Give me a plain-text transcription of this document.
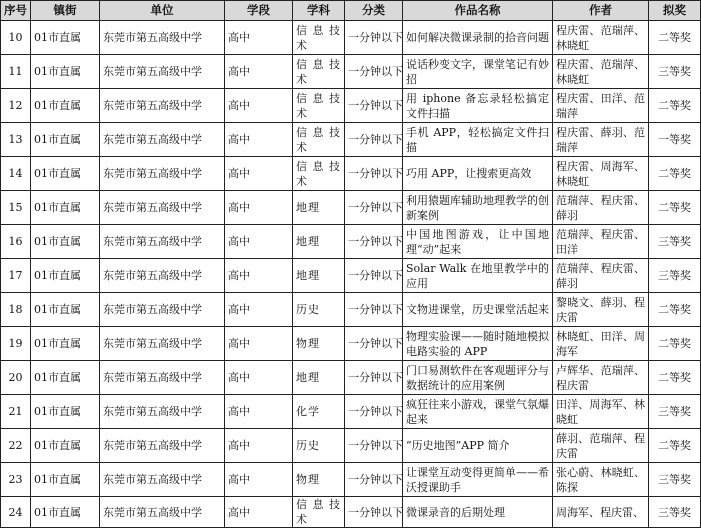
序号	镇街	单位	学段	学科	分类	作品名称	作者	拟奖
10	01市直属	东莞市第五高级中学	高中	信息技术	一分钟以下	如何解决微课录制的拾音问题	程庆雷、范瑞萍、林晓虹	二等奖
11	01市直属	东莞市第五高级中学	高中	信息技术	一分钟以下	说话秒变文字，课堂笔记有妙招	程庆雷、范瑞萍、林晓虹	三等奖
12	01市直属	东莞市第五高级中学	高中	信息技术	一分钟以下	用 iphone 备忘录轻松搞定文件扫描	程庆雷、田洋、范瑞萍	二等奖
13	01市直属	东莞市第五高级中学	高中	信息技术	一分钟以下	手机 APP，轻松搞定文件扫描	程庆雷、薛羽、范瑞萍	一等奖
14	01市直属	东莞市第五高级中学	高中	信息技术	一分钟以下	巧用 APP，让搜索更高效	程庆雷、周海军、林晓虹	二等奖
15	01市直属	东莞市第五高级中学	高中	地理	一分钟以下	利用猿题库辅助地理教学的创新案例	范瑞萍、程庆雷、薛羽	二等奖
16	01市直属	东莞市第五高级中学	高中	地理	一分钟以下	中国地图游戏，让中国地理“动”起来	范瑞萍、程庆雷、田洋	三等奖
17	01市直属	东莞市第五高级中学	高中	地理	一分钟以下	Solar Walk 在地里教学中的应用	范瑞萍、程庆雷、薛羽	三等奖
18	01市直属	东莞市第五高级中学	高中	历史	一分钟以下	文物进课堂，历史课堂活起来	黎晓文、薛羽、程庆雷	二等奖
19	01市直属	东莞市第五高级中学	高中	物理	一分钟以下	物理实验课——随时随地模拟电路实验的 APP	林晓虹、田洋、周海军	二等奖
20	01市直属	东莞市第五高级中学	高中	地理	一分钟以下	门口易测软件在客观题评分与数据统计的应用案例	卢辉华、范瑞萍、程庆雷	二等奖
21	01市直属	东莞市第五高级中学	高中	化学	一分钟以下	疯狂往来小游戏，课堂气氛爆起来	田洋、周海军、林晓虹	三等奖
22	01市直属	东莞市第五高级中学	高中	历史	一分钟以下	“历史地图”APP 简介	薛羽、范瑞萍、程庆雷	二等奖
23	01市直属	东莞市第五高级中学	高中	物理	一分钟以下	让课堂互动变得更简单——希沃授课助手	张心蔚、林晓虹、陈探	三等奖
24	01市直属	东莞市第五高级中学	高中	信息技术	一分钟以下	微课录音的后期处理	周海军、程庆雷、	三等奖
